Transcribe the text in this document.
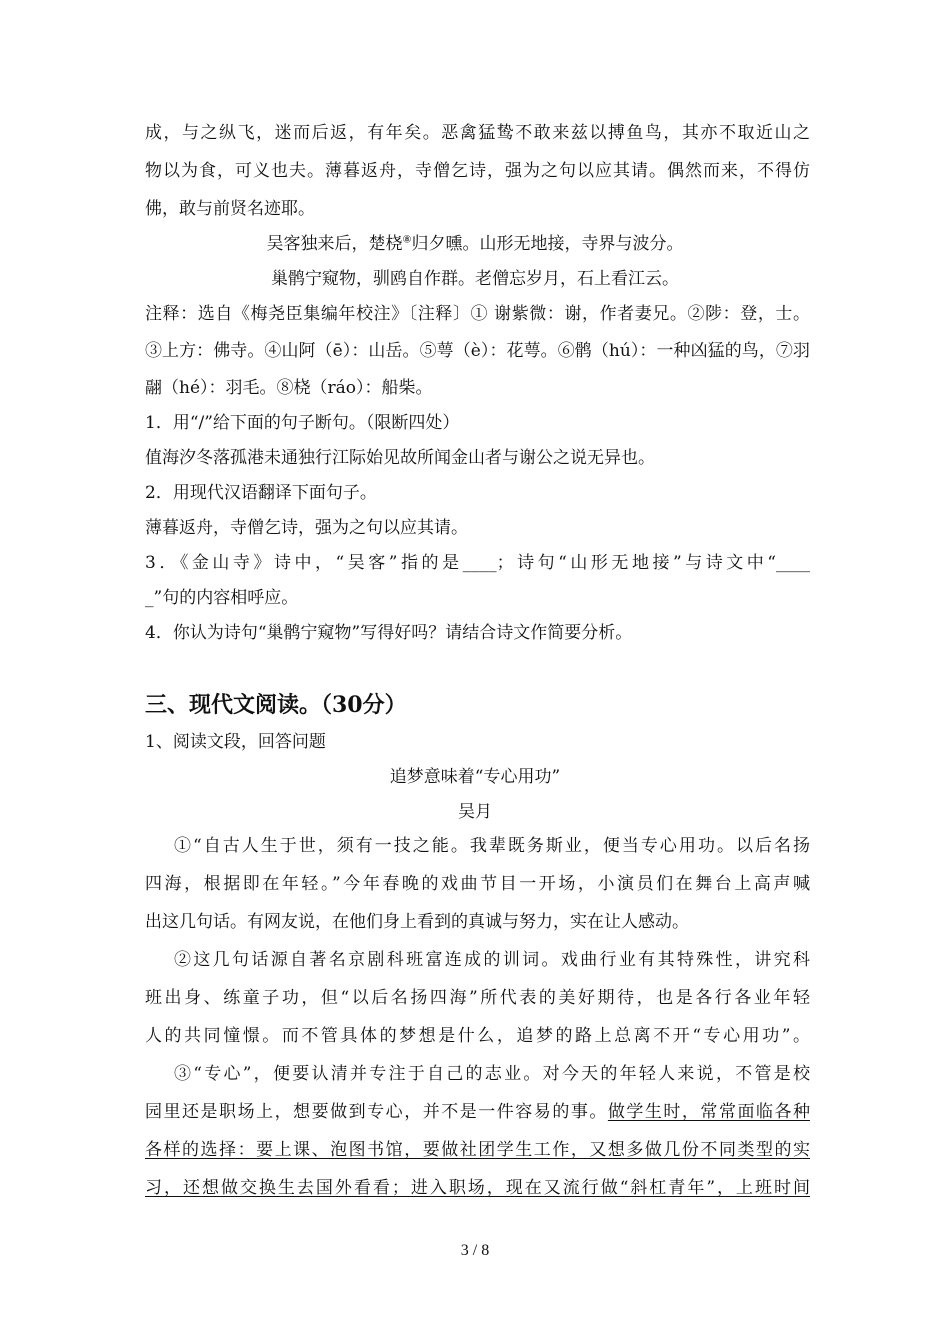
成，与之纵飞，迷而后返，有年矣。恶禽猛鸷不敢来兹以搏鱼鸟，其亦不取近山之
物以为食，可义也夫。薄暮返舟，寺僧乞诗，强为之句以应其请。偶然而来，不得仿
佛，敢与前贤名迹耶。
吴客独来后，楚桡⑧归夕曛。山形无地接，寺界与波分。
巢鹘宁窥物，驯鸥自作群。老僧忘岁月，石上看江云。
注释：选自《梅尧臣集编年校注》〔注释〕① 谢紫微：谢，作者妻兄。②陟：登，士。
③上方：佛寺。④山阿（ē）：山岳。⑤萼（è）：花萼。⑥鹘（hú）：一种凶猛的鸟，⑦羽
翮（hé）：羽毛。⑧桡（ráo）：船柴。
1．用“/”给下面的句子断句。（限断四处）
值海汐冬落孤港未通独行江际始见故所闻金山者与谢公之说无异也。
2．用现代汉语翻译下面句子。
薄暮返舟，寺僧乞诗，强为之句以应其请。
3．《金山寺》诗中，“吴客”指的是____；诗句“山形无地接”与诗文中“____
_”句的内容相呼应。
4．你认为诗句“巢鹘宁窥物”写得好吗？请结合诗文作简要分析。
三、现代文阅读。（30分）
1、阅读文段，回答问题
追梦意味着“专心用功”
吴月
①“自古人生于世，须有一技之能。我辈既务斯业，便当专心用功。以后名扬
四海，根据即在年轻。”今年春晚的戏曲节目一开场，小演员们在舞台上高声喊
出这几句话。有网友说，在他们身上看到的真诚与努力，实在让人感动。
②这几句话源自著名京剧科班富连成的训词。戏曲行业有其特殊性，讲究科
班出身、练童子功，但“以后名扬四海”所代表的美好期待，也是各行各业年轻
人的共同憧憬。而不管具体的梦想是什么，追梦的路上总离不开“专心用功”。
③“专心”，便要认清并专注于自己的志业。对今天的年轻人来说，不管是校
园里还是职场上，想要做到专心，并不是一件容易的事。做学生时，常常面临各种
各样的选择：要上课、泡图书馆，要做社团学生工作，又想多做几份不同类型的实
习，还想做交换生去国外看看；进入职场，现在又流行做“斜杠青年”，上班时间
3 / 8
